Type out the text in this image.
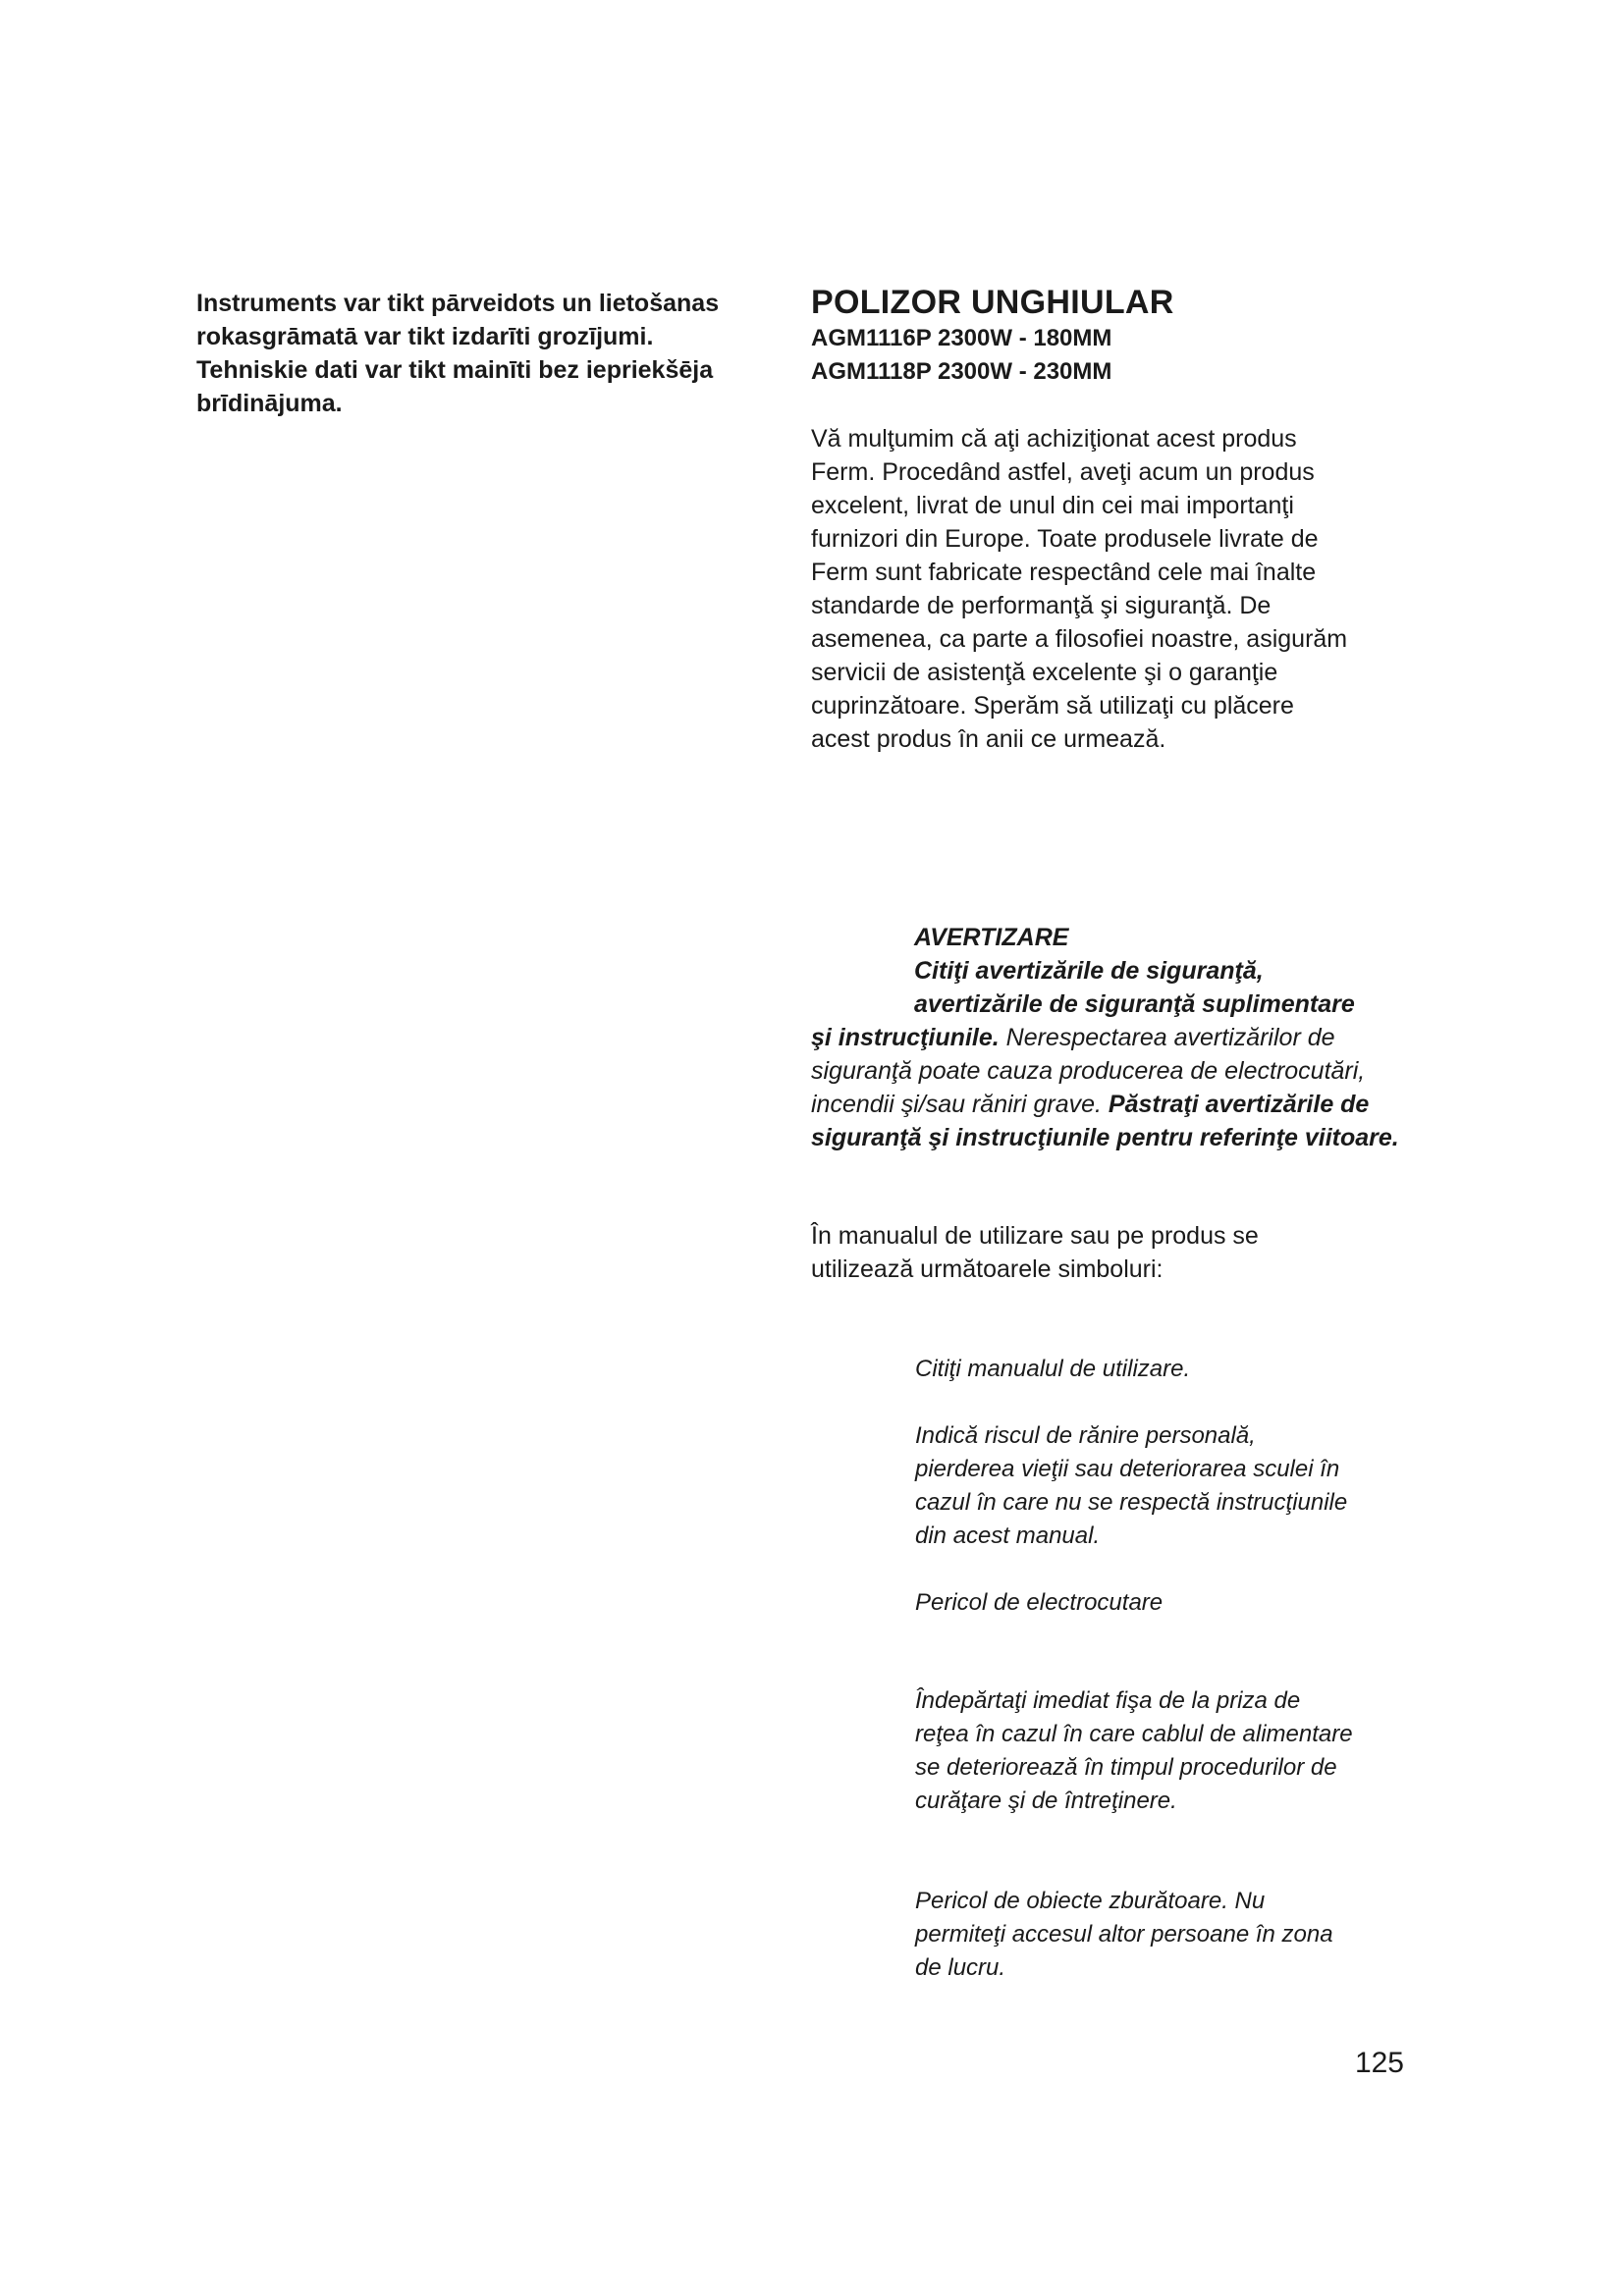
Instruments var tikt pārveidots un lietošanas
rokasgrāmatā var tikt izdarīti grozījumi.
Tehniskie dati var tikt mainīti bez iepriekšēja
brīdinājuma.
POLIZOR UNGHIULAR
AGM1116P 2300W - 180MM
AGM1118P 2300W - 230MM
Vă mulţumim că aţi achiziţionat acest produs
Ferm. Procedând astfel, aveţi acum un produs
excelent, livrat de unul din cei mai importanţi
furnizori din Europe. Toate produsele livrate de
Ferm sunt fabricate respectând cele mai înalte
standarde de performanţă şi siguranţă. De
asemenea, ca parte a filosofiei noastre, asigurăm
servicii de asistenţă excelente şi o garanţie
cuprinzătoare. Sperăm să utilizaţi cu plăcere
acest produs în anii ce urmează.
AVERTIZARE
Citiţi avertizările de siguranţă,
avertizările de siguranţă suplimentare
şi instrucţiunile. Nerespectarea avertizărilor de siguranţă poate cauza producerea de electrocutări, incendii şi/sau răniri grave. Păstraţi avertizările de siguranţă şi instrucţiunile pentru referinţe viitoare.
În manualul de utilizare sau pe produs se
utilizează următoarele simboluri:
Citiţi manualul de utilizare.
Indică riscul de rănire personală,
pierderea vieţii sau deteriorarea sculei în
cazul în care nu se respectă instrucţiunile
din acest manual.
Pericol de electrocutare
Îndepărtaţi imediat fişa de la priza de
reţea în cazul în care cablul de alimentare
se deteriorează în timpul procedurilor de
curăţare şi de întreţinere.
Pericol de obiecte zburătoare. Nu
permiteţi accesul altor persoane în zona
de lucru.
125
